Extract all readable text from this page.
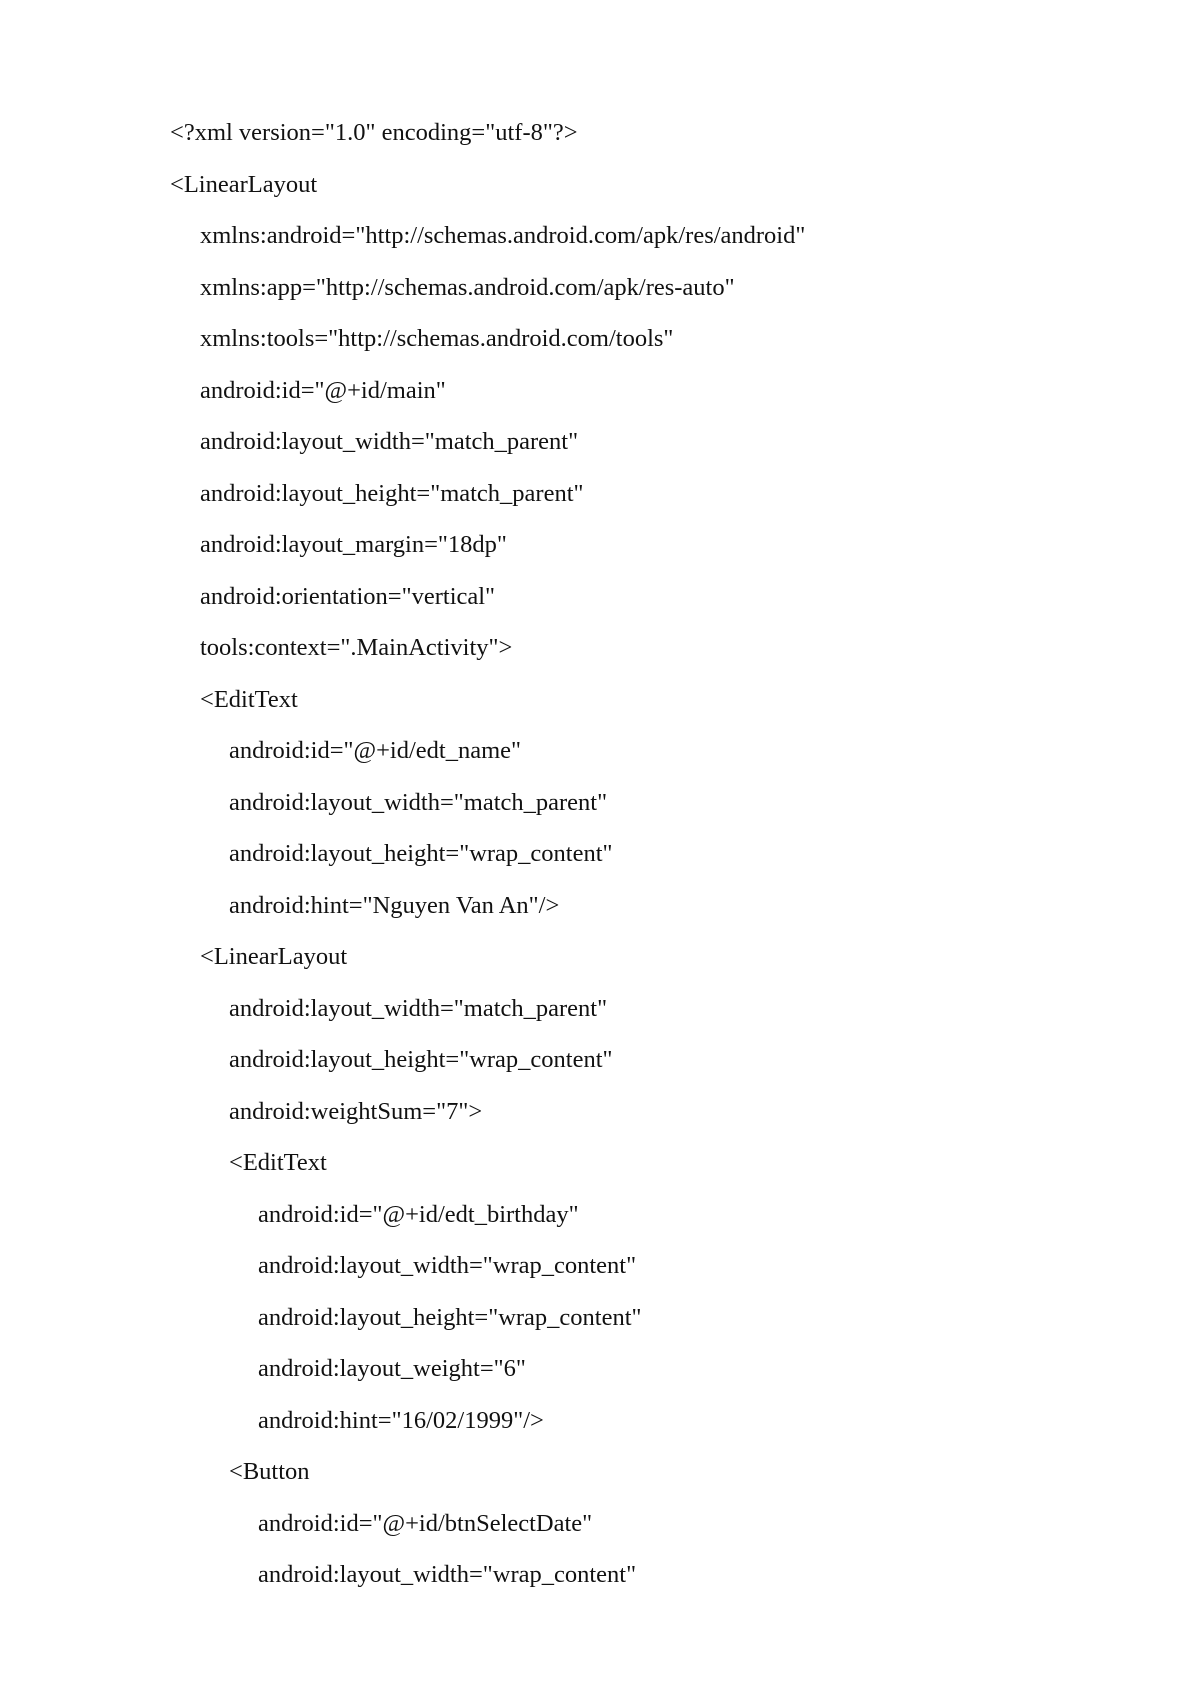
<?xml version="1.0" encoding="utf-8"?>
<LinearLayout
xmlns:android="http://schemas.android.com/apk/res/android"
xmlns:app="http://schemas.android.com/apk/res-auto"
xmlns:tools="http://schemas.android.com/tools"
android:id="@+id/main"
android:layout_width="match_parent"
android:layout_height="match_parent"
android:layout_margin="18dp"
android:orientation="vertical"
tools:context=".MainActivity">
<EditText
android:id="@+id/edt_name"
android:layout_width="match_parent"
android:layout_height="wrap_content"
android:hint="Nguyen Van An"/>
<LinearLayout
android:layout_width="match_parent"
android:layout_height="wrap_content"
android:weightSum="7">
<EditText
android:id="@+id/edt_birthday"
android:layout_width="wrap_content"
android:layout_height="wrap_content"
android:layout_weight="6"
android:hint="16/02/1999"/>
<Button
android:id="@+id/btnSelectDate"
android:layout_width="wrap_content"
